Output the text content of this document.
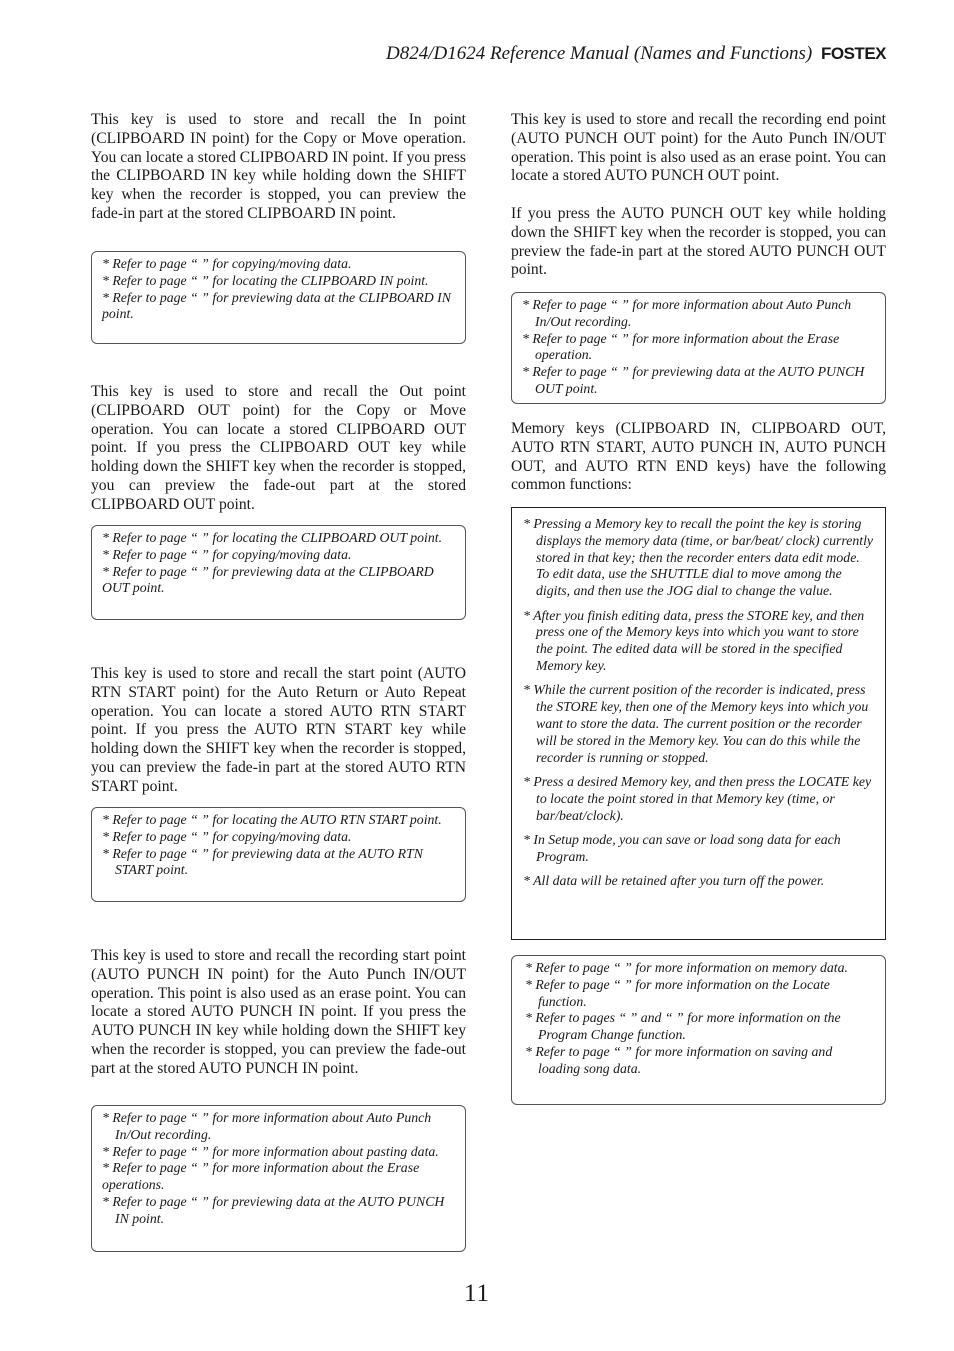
D824/D1624 Reference Manual (Names and Functions) FOSTEX

This key is used to store and recall the In point (CLIPBOARD IN point) for the Copy or Move operation. You can locate a stored CLIPBOARD IN point. If you press the CLIPBOARD IN key while holding down the SHIFT key when the recorder is stopped, you can preview the fade-in part at the stored CLIPBOARD IN point.

* Refer to page “ ” for copying/moving data.
* Refer to page “ ” for locating the CLIPBOARD IN point.
* Refer to page “ ” for previewing data at the CLIPBOARD IN point.

This key is used to store and recall the Out point (CLIPBOARD OUT point) for the Copy or Move operation. You can locate a stored CLIPBOARD OUT point. If you press the CLIPBOARD OUT key while holding down the SHIFT key when the recorder is stopped, you can preview the fade-out part at the stored CLIPBOARD OUT point.

* Refer to page “ ” for locating the CLIPBOARD OUT point.
* Refer to page “ ” for copying/moving data.
* Refer to page “ ” for previewing data at the CLIPBOARD OUT point.

This key is used to store and recall the start point (AUTO RTN START point) for the Auto Return or Auto Repeat operation. You can locate a stored AUTO RTN START point. If you press the AUTO RTN START key while holding down the SHIFT key when the recorder is stopped, you can preview the fade-in part at the stored AUTO RTN START point.

* Refer to page “ ” for locating the AUTO RTN START point.
* Refer to page “ ” for copying/moving data.
* Refer to page “ ” for previewing data at the AUTO RTN START point.

This key is used to store and recall the recording start point (AUTO PUNCH IN point) for the Auto Punch IN/OUT operation. This point is also used as an erase point. You can locate a stored AUTO PUNCH IN point. If you press the AUTO PUNCH IN key while holding down the SHIFT key when the recorder is stopped, you can preview the fade-out part at the stored AUTO PUNCH IN point.

* Refer to page “ ” for more information about Auto Punch In/Out recording.
* Refer to page “ ” for more information about pasting data.
* Refer to page “ ” for more information about the Erase operations.
* Refer to page “ ” for previewing data at the AUTO PUNCH IN point.

This key is used to store and recall the recording end point (AUTO PUNCH OUT point) for the Auto Punch IN/OUT operation. This point is also used as an erase point. You can locate a stored AUTO PUNCH OUT point.

If you press the AUTO PUNCH OUT key while holding down the SHIFT key when the recorder is stopped, you can preview the fade-in part at the stored AUTO PUNCH OUT point.

* Refer to page “ ” for more information about Auto Punch In/Out recording.
* Refer to page “ ” for more information about the Erase operation.
* Refer to page “ ” for previewing data at the AUTO PUNCH OUT point.

Memory keys (CLIPBOARD IN, CLIPBOARD OUT, AUTO RTN START, AUTO PUNCH IN, AUTO PUNCH OUT, and AUTO RTN END keys) have the following common functions:

* Pressing a Memory key to recall the point the key is storing displays the memory data (time, or bar/beat/ clock) currently stored in that key; then the recorder enters data edit mode. To edit data, use the SHUTTLE dial to move among the digits, and then use the JOG dial to change the value.
* After you finish editing data, press the STORE key, and then press one of the Memory keys into which you want to store the point. The edited data will be stored in the specified Memory key.
* While the current position of the recorder is indicated, press the STORE key, then one of the Memory keys into which you want to store the data. The current position or the recorder will be stored in the Memory key. You can do this while the recorder is running or stopped.
* Press a desired Memory key, and then press the LOCATE key to locate the point stored in that Memory key (time, or bar/beat/clock).
* In Setup mode, you can save or load song data for each Program.
* All data will be retained after you turn off the power.
* Refer to page “ ” for more information on memory data.
* Refer to page “ ” for more information on the Locate function.
* Refer to pages “ ” and “ ” for more information on the Program Change function.
* Refer to page “ ” for more information on saving and loading song data.
11
